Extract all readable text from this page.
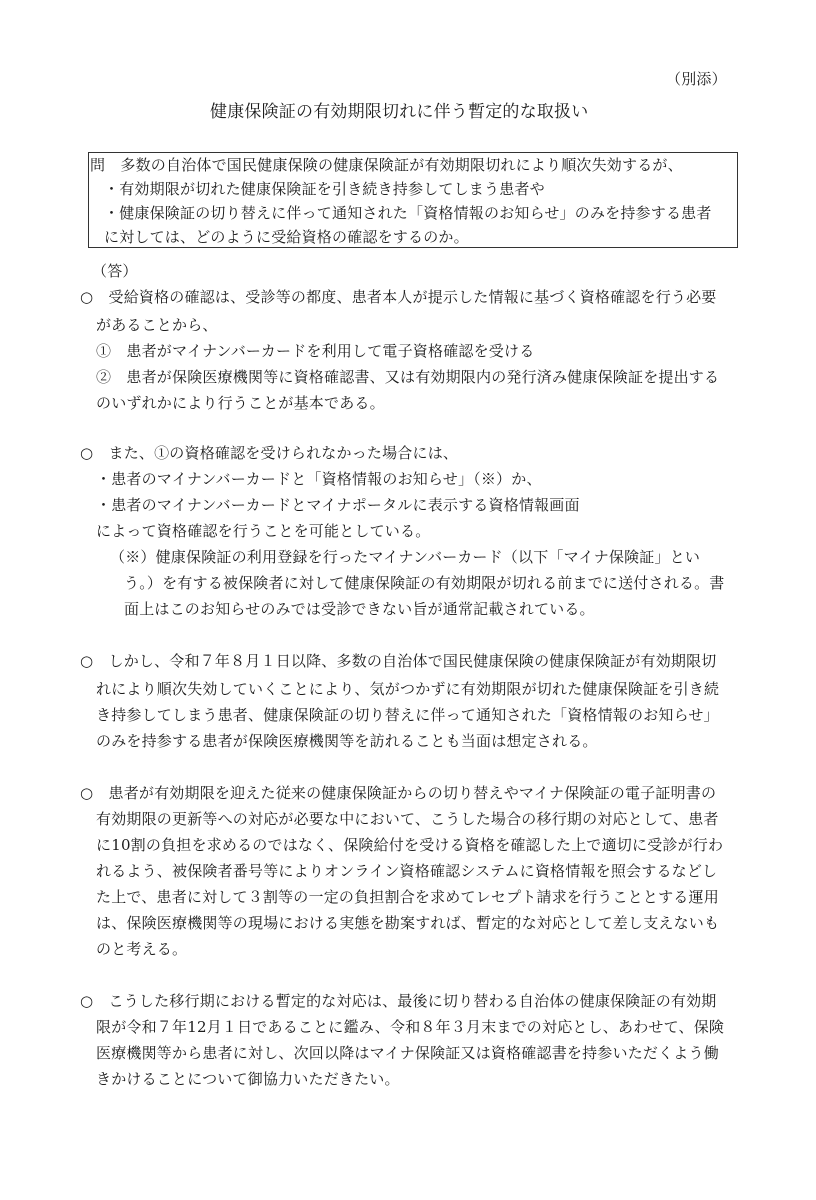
（別添）
健康保険証の有効期限切れに伴う暫定的な取扱い
問　多数の自治体で国民健康保険の健康保険証が有効期限切れにより順次失効するが、
・有効期限が切れた健康保険証を引き続き持参してしまう患者や
・健康保険証の切り替えに伴って通知された「資格情報のお知らせ」のみを持参する患者
に対しては、どのように受給資格の確認をするのか。
（答）
○　受給資格の確認は、受診等の都度、患者本人が提示した情報に基づく資格確認を行う必要
があることから、
①　患者がマイナンバーカードを利用して電子資格確認を受ける
②　患者が保険医療機関等に資格確認書、又は有効期限内の発行済み健康保険証を提出する
のいずれかにより行うことが基本である。
○　また、①の資格確認を受けられなかった場合には、
・患者のマイナンバーカードと「資格情報のお知らせ」（※）か、
・患者のマイナンバーカードとマイナポータルに表示する資格情報画面
によって資格確認を行うことを可能としている。
（※）健康保険証の利用登録を行ったマイナンバーカード（以下「マイナ保険証」とい
う。）を有する被保険者に対して健康保険証の有効期限が切れる前までに送付される。書
面上はこのお知らせのみでは受診できない旨が通常記載されている。
○　しかし、令和７年８月１日以降、多数の自治体で国民健康保険の健康保険証が有効期限切
れにより順次失効していくことにより、気がつかずに有効期限が切れた健康保険証を引き続
き持参してしまう患者、健康保険証の切り替えに伴って通知された「資格情報のお知らせ」
のみを持参する患者が保険医療機関等を訪れることも当面は想定される。
○　患者が有効期限を迎えた従来の健康保険証からの切り替えやマイナ保険証の電子証明書の
有効期限の更新等への対応が必要な中において、こうした場合の移行期の対応として、患者
に10割の負担を求めるのではなく、保険給付を受ける資格を確認した上で適切に受診が行わ
れるよう、被保険者番号等によりオンライン資格確認システムに資格情報を照会するなどし
た上で、患者に対して３割等の一定の負担割合を求めてレセプト請求を行うこととする運用
は、保険医療機関等の現場における実態を勘案すれば、暫定的な対応として差し支えないも
のと考える。
○　こうした移行期における暫定的な対応は、最後に切り替わる自治体の健康保険証の有効期
限が令和７年12月１日であることに鑑み、令和８年３月末までの対応とし、あわせて、保険
医療機関等から患者に対し、次回以降はマイナ保険証又は資格確認書を持参いただくよう働
きかけることについて御協力いただきたい。
